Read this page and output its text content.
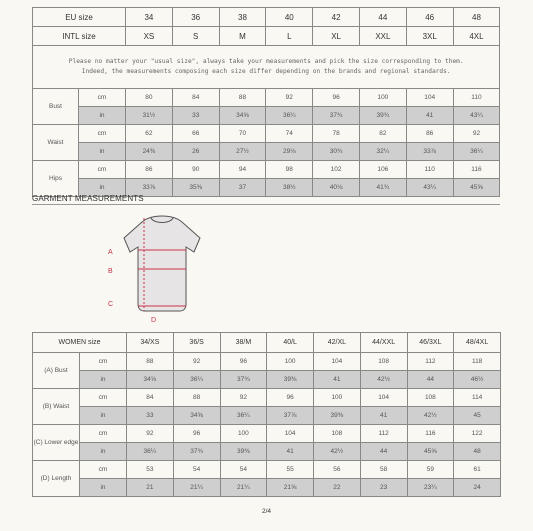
EU size		34	36	38	40	42	44	46	48
INTL size		XS	S	M	L	XL	XXL	3XL	4XL

Please no matter your "usual size", always take your measurements and pick the size corresponding to them.
Indeed, the measurements composing each size differ depending on the brands and regional standards.									

Bust	cm	80	84	88	92	96	100	104	110
	in	31½	33	34⅝	36¼	37¾	39¾	41	43¼
Waist	cm	62	66	70	74	78	82	86	92
	in	24⅜	26	27½	29⅛	30¾	32¼	33⅞	36¼
Hips	cm	86	90	94	98	102	106	110	116
	in	33⅞	35⅜	37	38½	40⅛	41¾	43¼	45⅝
GARMENT MEASUREMENTS
A
B
C
D
WOMEN size		34/XS	36/S	38/M	40/L	42/XL	44/XXL	46/3XL	48/4XL
(A) Bust	cm	88	92	96	100	104	108	112	118
	in	34⅝	36¼	37¾	39⅜	41	42½	44	46½
(B) Waist	cm	84	88	92	96	100	104	108	114
	in	33	34⅝	36¼	37⅞	39⅜	41	42½	45
(C) Lower edge	cm	92	96	100	104	108	112	116	122
	in	36¼	37¾	39⅜	41	42½	44	45⅝	48
(D) Length	cm	53	54	54	55	56	58	59	61
	in	21	21¼	21¼	21⅝	22	23	23¼	24
2/4
